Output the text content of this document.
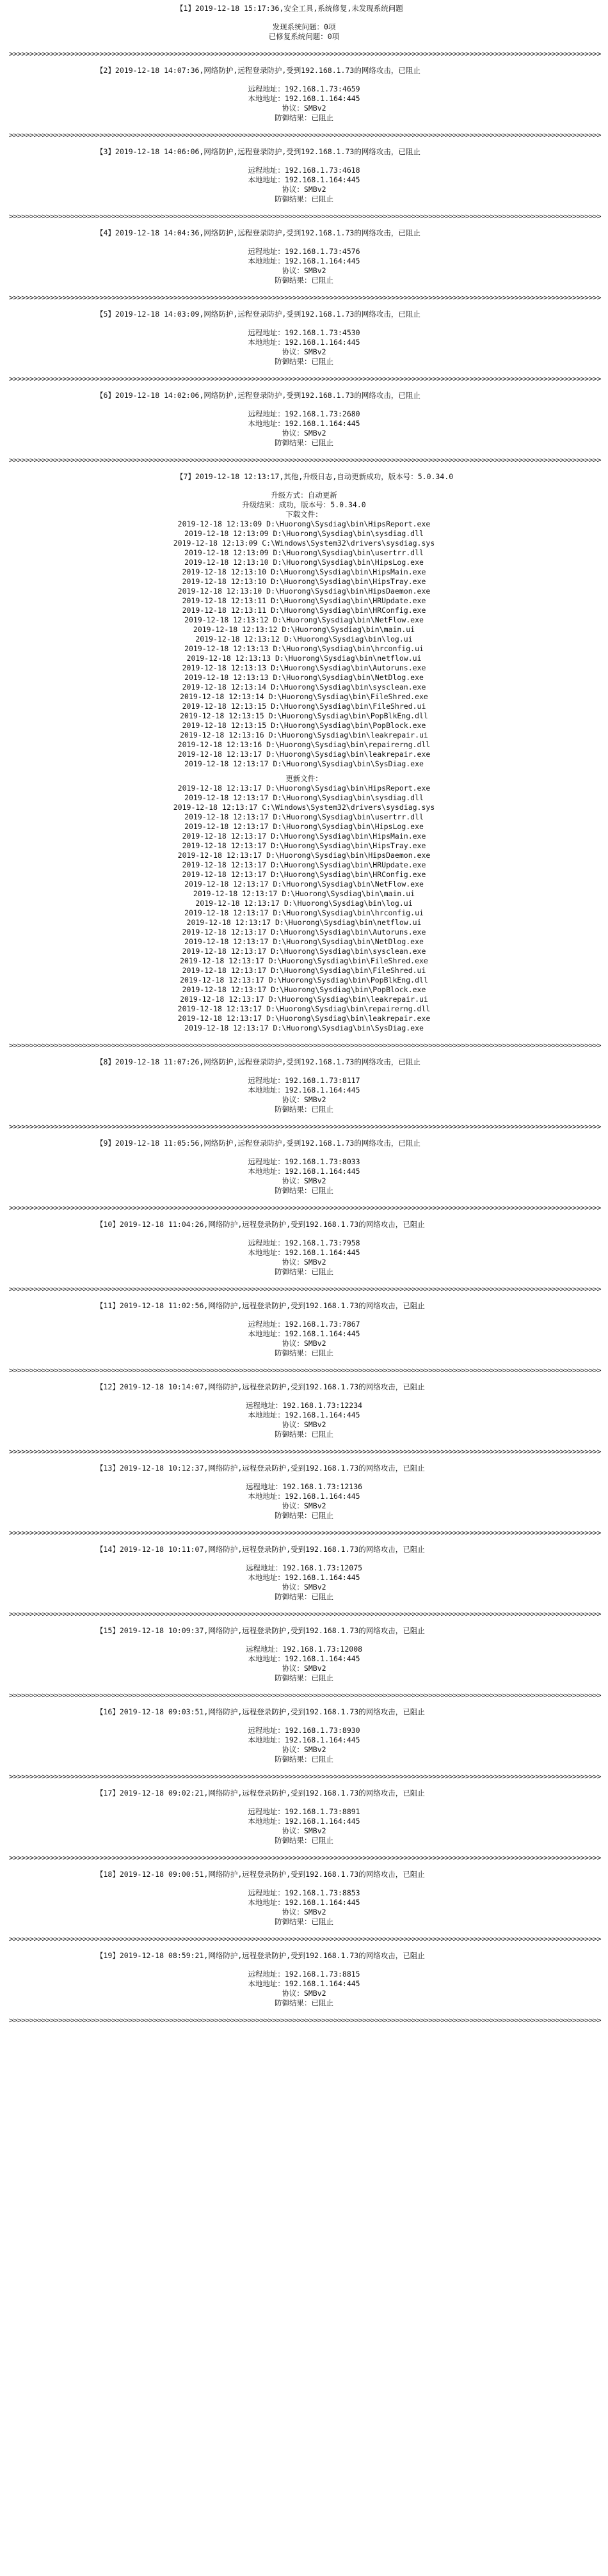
【1】2019-12-18 15:17:36,安全工具,系统修复,未发现系统问题
发现系统问题：0项
已修复系统问题：0项
>>>>>>>>>>>>>>>>>>>>>>>>>>>>>>>>>>>>>>>>>>>>>>>>>>>>>>>>>>>>>>>>>>>>>>>>>>>>>>>>>>>>>>>>>>>>>>>>>>>>>>>>>>>>>>>>>>>>>>>>>>>>>>>>>>>>>>>>>>>>>>>>
【2】2019-12-18 14:07:36,网络防护,远程登录防护,受到192.168.1.73的网络攻击，已阻止
远程地址：192.168.1.73:4659
本地地址：192.168.1.164:445
协议：SMBv2
防御结果：已阻止
>>>>>>>>>>>>>>>>>>>>>>>>>>>>>>>>>>>>>>>>>>>>>>>>>>>>>>>>>>>>>>>>>>>>>>>>>>>>>>>>>>>>>>>>>>>>>>>>>>>>>>>>>>>>>>>>>>>>>>>>>>>>>>>>>>>>>>>>>>>>>>>>
【3】2019-12-18 14:06:06,网络防护,远程登录防护,受到192.168.1.73的网络攻击，已阻止
远程地址：192.168.1.73:4618
本地地址：192.168.1.164:445
协议：SMBv2
防御结果：已阻止
>>>>>>>>>>>>>>>>>>>>>>>>>>>>>>>>>>>>>>>>>>>>>>>>>>>>>>>>>>>>>>>>>>>>>>>>>>>>>>>>>>>>>>>>>>>>>>>>>>>>>>>>>>>>>>>>>>>>>>>>>>>>>>>>>>>>>>>>>>>>>>>>
【4】2019-12-18 14:04:36,网络防护,远程登录防护,受到192.168.1.73的网络攻击，已阻止
远程地址：192.168.1.73:4576
本地地址：192.168.1.164:445
协议：SMBv2
防御结果：已阻止
>>>>>>>>>>>>>>>>>>>>>>>>>>>>>>>>>>>>>>>>>>>>>>>>>>>>>>>>>>>>>>>>>>>>>>>>>>>>>>>>>>>>>>>>>>>>>>>>>>>>>>>>>>>>>>>>>>>>>>>>>>>>>>>>>>>>>>>>>>>>>>>>
【5】2019-12-18 14:03:09,网络防护,远程登录防护,受到192.168.1.73的网络攻击，已阻止
远程地址：192.168.1.73:4530
本地地址：192.168.1.164:445
协议：SMBv2
防御结果：已阻止
>>>>>>>>>>>>>>>>>>>>>>>>>>>>>>>>>>>>>>>>>>>>>>>>>>>>>>>>>>>>>>>>>>>>>>>>>>>>>>>>>>>>>>>>>>>>>>>>>>>>>>>>>>>>>>>>>>>>>>>>>>>>>>>>>>>>>>>>>>>>>>>>
【6】2019-12-18 14:02:06,网络防护,远程登录防护,受到192.168.1.73的网络攻击，已阻止
远程地址：192.168.1.73:2680
本地地址：192.168.1.164:445
协议：SMBv2
防御结果：已阻止
>>>>>>>>>>>>>>>>>>>>>>>>>>>>>>>>>>>>>>>>>>>>>>>>>>>>>>>>>>>>>>>>>>>>>>>>>>>>>>>>>>>>>>>>>>>>>>>>>>>>>>>>>>>>>>>>>>>>>>>>>>>>>>>>>>>>>>>>>>>>>>>>
【7】2019-12-18 12:13:17,其他,升级日志,自动更新成功，版本号：5.0.34.0
升级方式：自动更新
升级结果：成功，版本号：5.0.34.0
下载文件：
2019-12-18 12:13:09 D:\Huorong\Sysdiag\bin\HipsReport.exe
2019-12-18 12:13:09 D:\Huorong\Sysdiag\bin\sysdiag.dll
2019-12-18 12:13:09 C:\Windows\System32\drivers\sysdiag.sys
2019-12-18 12:13:09 D:\Huorong\Sysdiag\bin\usertrr.dll
2019-12-18 12:13:10 D:\Huorong\Sysdiag\bin\HipsLog.exe
2019-12-18 12:13:10 D:\Huorong\Sysdiag\bin\HipsMain.exe
2019-12-18 12:13:10 D:\Huorong\Sysdiag\bin\HipsTray.exe
2019-12-18 12:13:10 D:\Huorong\Sysdiag\bin\HipsDaemon.exe
2019-12-18 12:13:11 D:\Huorong\Sysdiag\bin\HRUpdate.exe
2019-12-18 12:13:11 D:\Huorong\Sysdiag\bin\HRConfig.exe
2019-12-18 12:13:12 D:\Huorong\Sysdiag\bin\NetFlow.exe
2019-12-18 12:13:12 D:\Huorong\Sysdiag\bin\main.ui
2019-12-18 12:13:12 D:\Huorong\Sysdiag\bin\log.ui
2019-12-18 12:13:13 D:\Huorong\Sysdiag\bin\hrconfig.ui
2019-12-18 12:13:13 D:\Huorong\Sysdiag\bin\netflow.ui
2019-12-18 12:13:13 D:\Huorong\Sysdiag\bin\Autoruns.exe
2019-12-18 12:13:13 D:\Huorong\Sysdiag\bin\NetDlog.exe
2019-12-18 12:13:14 D:\Huorong\Sysdiag\bin\sysclean.exe
2019-12-18 12:13:14 D:\Huorong\Sysdiag\bin\FileShred.exe
2019-12-18 12:13:15 D:\Huorong\Sysdiag\bin\FileShred.ui
2019-12-18 12:13:15 D:\Huorong\Sysdiag\bin\PopBlkEng.dll
2019-12-18 12:13:15 D:\Huorong\Sysdiag\bin\PopBlock.exe
2019-12-18 12:13:16 D:\Huorong\Sysdiag\bin\leakrepair.ui
2019-12-18 12:13:16 D:\Huorong\Sysdiag\bin\repairerng.dll
2019-12-18 12:13:17 D:\Huorong\Sysdiag\bin\leakrepair.exe
2019-12-18 12:13:17 D:\Huorong\Sysdiag\bin\SysDiag.exe
更新文件：
2019-12-18 12:13:17 D:\Huorong\Sysdiag\bin\HipsReport.exe
2019-12-18 12:13:17 D:\Huorong\Sysdiag\bin\sysdiag.dll
2019-12-18 12:13:17 C:\Windows\System32\drivers\sysdiag.sys
2019-12-18 12:13:17 D:\Huorong\Sysdiag\bin\usertrr.dll
2019-12-18 12:13:17 D:\Huorong\Sysdiag\bin\HipsLog.exe
2019-12-18 12:13:17 D:\Huorong\Sysdiag\bin\HipsMain.exe
2019-12-18 12:13:17 D:\Huorong\Sysdiag\bin\HipsTray.exe
2019-12-18 12:13:17 D:\Huorong\Sysdiag\bin\HipsDaemon.exe
2019-12-18 12:13:17 D:\Huorong\Sysdiag\bin\HRUpdate.exe
2019-12-18 12:13:17 D:\Huorong\Sysdiag\bin\HRConfig.exe
2019-12-18 12:13:17 D:\Huorong\Sysdiag\bin\NetFlow.exe
2019-12-18 12:13:17 D:\Huorong\Sysdiag\bin\main.ui
2019-12-18 12:13:17 D:\Huorong\Sysdiag\bin\log.ui
2019-12-18 12:13:17 D:\Huorong\Sysdiag\bin\hrconfig.ui
2019-12-18 12:13:17 D:\Huorong\Sysdiag\bin\netflow.ui
2019-12-18 12:13:17 D:\Huorong\Sysdiag\bin\Autoruns.exe
2019-12-18 12:13:17 D:\Huorong\Sysdiag\bin\NetDlog.exe
2019-12-18 12:13:17 D:\Huorong\Sysdiag\bin\sysclean.exe
2019-12-18 12:13:17 D:\Huorong\Sysdiag\bin\FileShred.exe
2019-12-18 12:13:17 D:\Huorong\Sysdiag\bin\FileShred.ui
2019-12-18 12:13:17 D:\Huorong\Sysdiag\bin\PopBlkEng.dll
2019-12-18 12:13:17 D:\Huorong\Sysdiag\bin\PopBlock.exe
2019-12-18 12:13:17 D:\Huorong\Sysdiag\bin\leakrepair.ui
2019-12-18 12:13:17 D:\Huorong\Sysdiag\bin\repairerng.dll
2019-12-18 12:13:17 D:\Huorong\Sysdiag\bin\leakrepair.exe
2019-12-18 12:13:17 D:\Huorong\Sysdiag\bin\SysDiag.exe
>>>>>>>>>>>>>>>>>>>>>>>>>>>>>>>>>>>>>>>>>>>>>>>>>>>>>>>>>>>>>>>>>>>>>>>>>>>>>>>>>>>>>>>>>>>>>>>>>>>>>>>>>>>>>>>>>>>>>>>>>>>>>>>>>>>>>>>>>>>>>>>>
【8】2019-12-18 11:07:26,网络防护,远程登录防护,受到192.168.1.73的网络攻击，已阻止
远程地址：192.168.1.73:8117
本地地址：192.168.1.164:445
协议：SMBv2
防御结果：已阻止
>>>>>>>>>>>>>>>>>>>>>>>>>>>>>>>>>>>>>>>>>>>>>>>>>>>>>>>>>>>>>>>>>>>>>>>>>>>>>>>>>>>>>>>>>>>>>>>>>>>>>>>>>>>>>>>>>>>>>>>>>>>>>>>>>>>>>>>>>>>>>>>>
【9】2019-12-18 11:05:56,网络防护,远程登录防护,受到192.168.1.73的网络攻击，已阻止
远程地址：192.168.1.73:8033
本地地址：192.168.1.164:445
协议：SMBv2
防御结果：已阻止
>>>>>>>>>>>>>>>>>>>>>>>>>>>>>>>>>>>>>>>>>>>>>>>>>>>>>>>>>>>>>>>>>>>>>>>>>>>>>>>>>>>>>>>>>>>>>>>>>>>>>>>>>>>>>>>>>>>>>>>>>>>>>>>>>>>>>>>>>>>>>>>>
【10】2019-12-18 11:04:26,网络防护,远程登录防护,受到192.168.1.73的网络攻击，已阻止
远程地址：192.168.1.73:7958
本地地址：192.168.1.164:445
协议：SMBv2
防御结果：已阻止
>>>>>>>>>>>>>>>>>>>>>>>>>>>>>>>>>>>>>>>>>>>>>>>>>>>>>>>>>>>>>>>>>>>>>>>>>>>>>>>>>>>>>>>>>>>>>>>>>>>>>>>>>>>>>>>>>>>>>>>>>>>>>>>>>>>>>>>>>>>>>>>>
【11】2019-12-18 11:02:56,网络防护,远程登录防护,受到192.168.1.73的网络攻击，已阻止
远程地址：192.168.1.73:7867
本地地址：192.168.1.164:445
协议：SMBv2
防御结果：已阻止
>>>>>>>>>>>>>>>>>>>>>>>>>>>>>>>>>>>>>>>>>>>>>>>>>>>>>>>>>>>>>>>>>>>>>>>>>>>>>>>>>>>>>>>>>>>>>>>>>>>>>>>>>>>>>>>>>>>>>>>>>>>>>>>>>>>>>>>>>>>>>>>>
【12】2019-12-18 10:14:07,网络防护,远程登录防护,受到192.168.1.73的网络攻击，已阻止
远程地址：192.168.1.73:12234
本地地址：192.168.1.164:445
协议：SMBv2
防御结果：已阻止
>>>>>>>>>>>>>>>>>>>>>>>>>>>>>>>>>>>>>>>>>>>>>>>>>>>>>>>>>>>>>>>>>>>>>>>>>>>>>>>>>>>>>>>>>>>>>>>>>>>>>>>>>>>>>>>>>>>>>>>>>>>>>>>>>>>>>>>>>>>>>>>>
【13】2019-12-18 10:12:37,网络防护,远程登录防护,受到192.168.1.73的网络攻击，已阻止
远程地址：192.168.1.73:12136
本地地址：192.168.1.164:445
协议：SMBv2
防御结果：已阻止
>>>>>>>>>>>>>>>>>>>>>>>>>>>>>>>>>>>>>>>>>>>>>>>>>>>>>>>>>>>>>>>>>>>>>>>>>>>>>>>>>>>>>>>>>>>>>>>>>>>>>>>>>>>>>>>>>>>>>>>>>>>>>>>>>>>>>>>>>>>>>>>>
【14】2019-12-18 10:11:07,网络防护,远程登录防护,受到192.168.1.73的网络攻击，已阻止
远程地址：192.168.1.73:12075
本地地址：192.168.1.164:445
协议：SMBv2
防御结果：已阻止
>>>>>>>>>>>>>>>>>>>>>>>>>>>>>>>>>>>>>>>>>>>>>>>>>>>>>>>>>>>>>>>>>>>>>>>>>>>>>>>>>>>>>>>>>>>>>>>>>>>>>>>>>>>>>>>>>>>>>>>>>>>>>>>>>>>>>>>>>>>>>>>>
【15】2019-12-18 10:09:37,网络防护,远程登录防护,受到192.168.1.73的网络攻击，已阻止
远程地址：192.168.1.73:12008
本地地址：192.168.1.164:445
协议：SMBv2
防御结果：已阻止
>>>>>>>>>>>>>>>>>>>>>>>>>>>>>>>>>>>>>>>>>>>>>>>>>>>>>>>>>>>>>>>>>>>>>>>>>>>>>>>>>>>>>>>>>>>>>>>>>>>>>>>>>>>>>>>>>>>>>>>>>>>>>>>>>>>>>>>>>>>>>>>>
【16】2019-12-18 09:03:51,网络防护,远程登录防护,受到192.168.1.73的网络攻击，已阻止
远程地址：192.168.1.73:8930
本地地址：192.168.1.164:445
协议：SMBv2
防御结果：已阻止
>>>>>>>>>>>>>>>>>>>>>>>>>>>>>>>>>>>>>>>>>>>>>>>>>>>>>>>>>>>>>>>>>>>>>>>>>>>>>>>>>>>>>>>>>>>>>>>>>>>>>>>>>>>>>>>>>>>>>>>>>>>>>>>>>>>>>>>>>>>>>>>>
【17】2019-12-18 09:02:21,网络防护,远程登录防护,受到192.168.1.73的网络攻击，已阻止
远程地址：192.168.1.73:8891
本地地址：192.168.1.164:445
协议：SMBv2
防御结果：已阻止
>>>>>>>>>>>>>>>>>>>>>>>>>>>>>>>>>>>>>>>>>>>>>>>>>>>>>>>>>>>>>>>>>>>>>>>>>>>>>>>>>>>>>>>>>>>>>>>>>>>>>>>>>>>>>>>>>>>>>>>>>>>>>>>>>>>>>>>>>>>>>>>>
【18】2019-12-18 09:00:51,网络防护,远程登录防护,受到192.168.1.73的网络攻击，已阻止
远程地址：192.168.1.73:8853
本地地址：192.168.1.164:445
协议：SMBv2
防御结果：已阻止
>>>>>>>>>>>>>>>>>>>>>>>>>>>>>>>>>>>>>>>>>>>>>>>>>>>>>>>>>>>>>>>>>>>>>>>>>>>>>>>>>>>>>>>>>>>>>>>>>>>>>>>>>>>>>>>>>>>>>>>>>>>>>>>>>>>>>>>>>>>>>>>>
【19】2019-12-18 08:59:21,网络防护,远程登录防护,受到192.168.1.73的网络攻击，已阻止
远程地址：192.168.1.73:8815
本地地址：192.168.1.164:445
协议：SMBv2
防御结果：已阻止
>>>>>>>>>>>>>>>>>>>>>>>>>>>>>>>>>>>>>>>>>>>>>>>>>>>>>>>>>>>>>>>>>>>>>>>>>>>>>>>>>>>>>>>>>>>>>>>>>>>>>>>>>>>>>>>>>>>>>>>>>>>>>>>>>>>>>>>>>>>>>>>>
